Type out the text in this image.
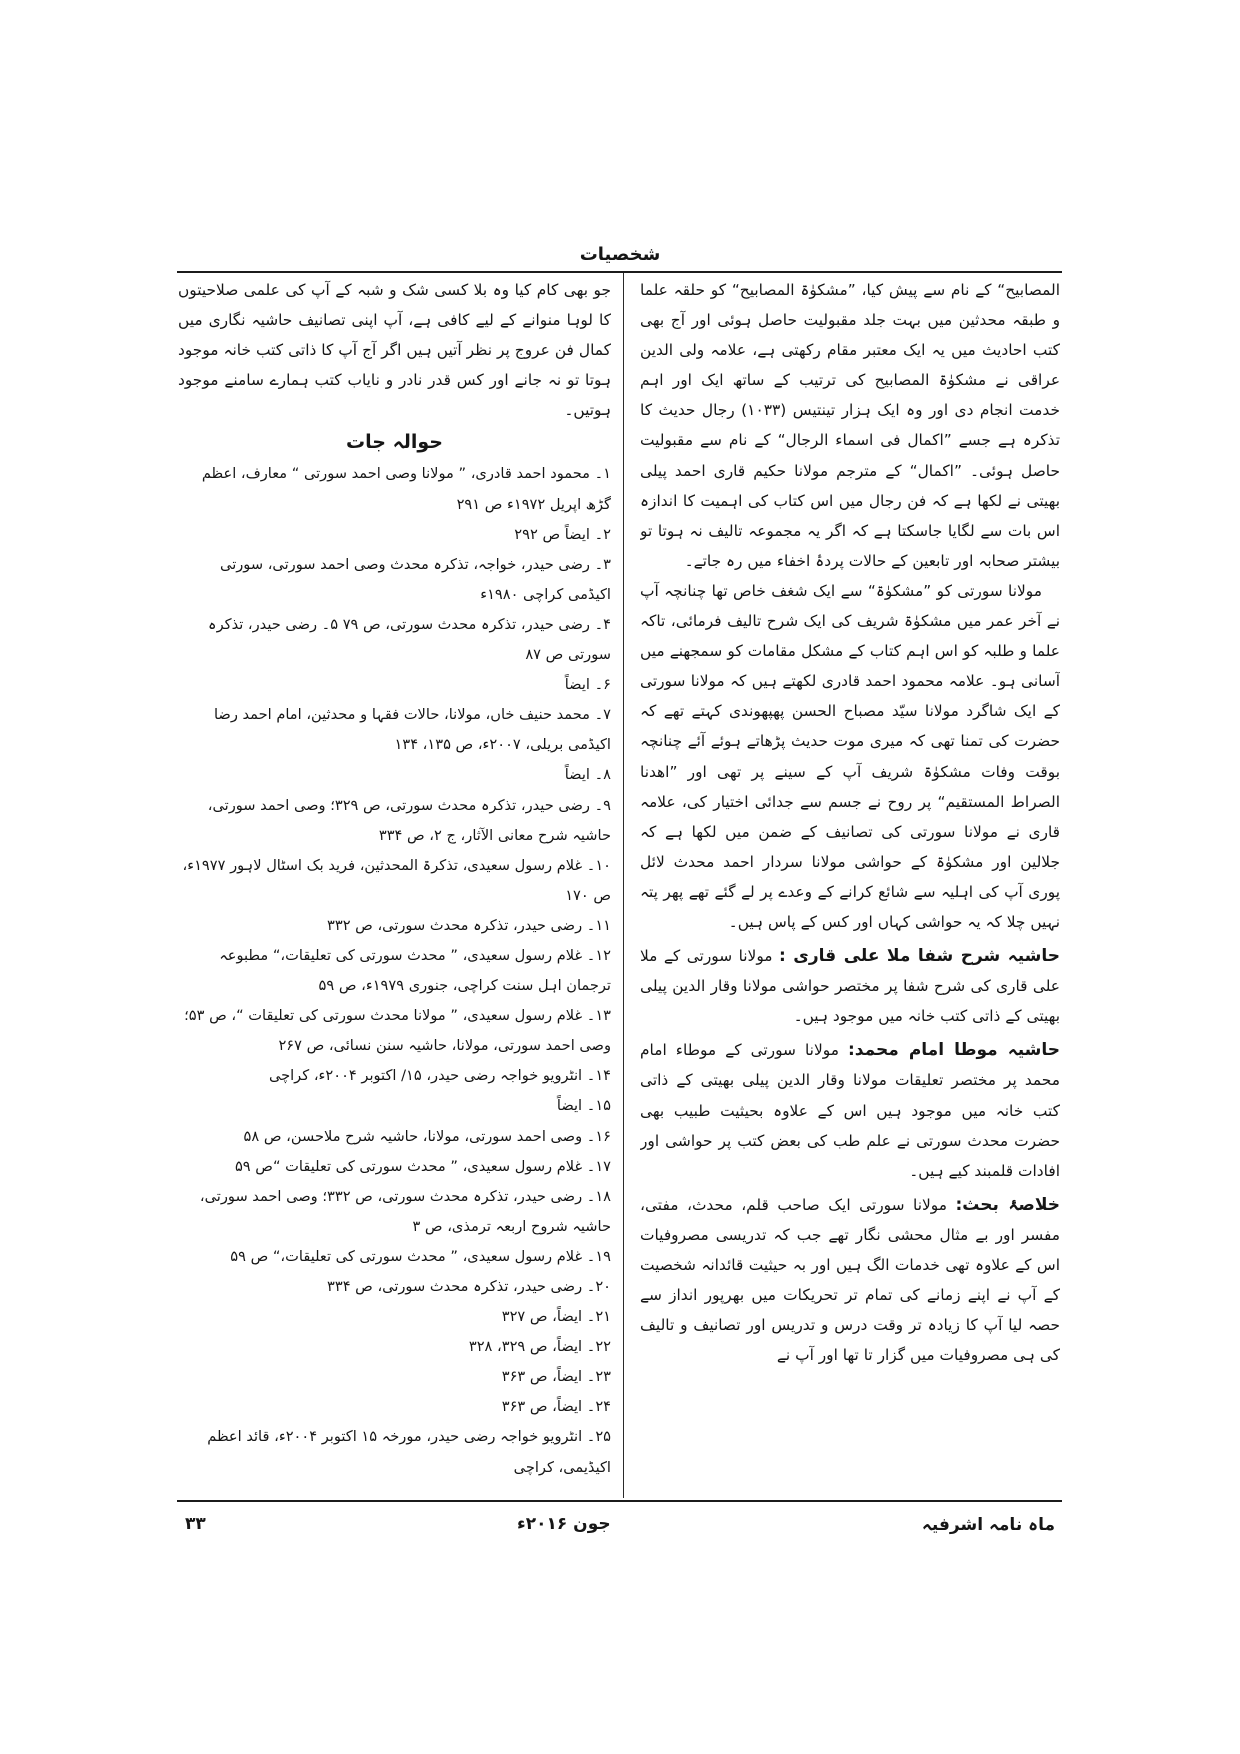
شخصیات

المصابیح“ کے نام سے پیش کیا، ”مشکوٰۃ المصابیح“ کو حلقہ علما و طبقہ محدثین میں بہت جلد مقبولیت حاصل ہوئی اور آج بھی کتب احادیث میں یہ ایک معتبر مقام رکھتی ہے، علامہ ولی الدین عراقی نے مشکوٰۃ المصابیح کی ترتیب کے ساتھ ایک اور اہم خدمت انجام دی اور وہ ایک ہزار تینتیس (۱۰۳۳) رجال حدیث کا تذکرہ ہے جسے ”اکمال فی اسماء الرجال“ کے نام سے مقبولیت حاصل ہوئی۔ ”اکمال“ کے مترجم مولانا حکیم قاری احمد پیلی بھیتی نے لکھا ہے کہ فن رجال میں اس کتاب کی اہمیت کا اندازہ اس بات سے لگایا جاسکتا ہے کہ اگر یہ مجموعہ تالیف نہ ہوتا تو بیشتر صحابہ اور تابعین کے حالات پردۂ اخفاء میں رہ جاتے۔

مولانا سورتی کو ”مشکوٰۃ“ سے ایک شغف خاص تھا چنانچہ آپ نے آخر عمر میں مشکوٰۃ شریف کی ایک شرح تالیف فرمائی، تاکہ علما و طلبہ کو اس اہم کتاب کے مشکل مقامات کو سمجھنے میں آسانی ہو۔ علامہ محمود احمد قادری لکھتے ہیں کہ مولانا سورتی کے ایک شاگرد مولانا سیّد مصباح الحسن پھپھوندی کہتے تھے کہ حضرت کی تمنا تھی کہ میری موت حدیث پڑھاتے ہوئے آئے چنانچہ بوقت وفات مشکوٰۃ شریف آپ کے سینے پر تھی اور ”اھدنا الصراط المستقیم“ پر روح نے جسم سے جدائی اختیار کی، علامہ قاری نے مولانا سورتی کی تصانیف کے ضمن میں لکھا ہے کہ جلالین اور مشکوٰۃ کے حواشی مولانا سردار احمد محدث لائل پوری آپ کی اہلیہ سے شائع کرانے کے وعدے پر لے گئے تھے پھر پتہ نہیں چلا کہ یہ حواشی کہاں اور کس کے پاس ہیں۔

حاشیہ شرح شفا ملا علی قاری : مولانا سورتی کے ملا علی قاری کی شرح شفا پر مختصر حواشی مولانا وقار الدین پیلی بھیتی کے ذاتی کتب خانہ میں موجود ہیں۔

حاشیہ موطا امام محمد: مولانا سورتی کے موطاء امام محمد پر مختصر تعلیقات مولانا وقار الدین پیلی بھیتی کے ذاتی کتب خانہ میں موجود ہیں اس کے علاوہ بحیثیت طبیب بھی حضرت محدث سورتی نے علم طب کی بعض کتب پر حواشی اور افادات قلمبند کیے ہیں۔

خلاصۂ بحث: مولانا سورتی ایک صاحب قلم، محدث، مفتی، مفسر اور بے مثال محشی نگار تھے جب کہ تدریسی مصروفیات اس کے علاوہ تھی خدمات الگ ہیں اور بہ حیثیت قائدانہ شخصیت کے آپ نے اپنے زمانے کی تمام تر تحریکات میں بھرپور انداز سے حصہ لیا آپ کا زیادہ تر وقت درس و تدریس اور تصانیف و تالیف کی ہی مصروفیات میں گزار تا تھا اور آپ نے

جو بھی کام کیا وہ بلا کسی شک و شبہ کے آپ کی علمی صلاحیتوں کا لوہا منوانے کے لیے کافی ہے، آپ اپنی تصانیف حاشیہ نگاری میں کمال فن عروج پر نظر آتیں ہیں اگر آج آپ کا ذاتی کتب خانہ موجود ہوتا تو نہ جانے اور کس قدر نادر و نایاب کتب ہمارے سامنے موجود ہوتیں۔

حوالہ جات
۱۔ محمود احمد قادری، ” مولانا وصی احمد سورتی “ معارف، اعظم گڑھ اپریل ۱۹۷۲ء ص ۲۹۱
۲۔ ایضاً ص ۲۹۲
۳۔ رضی حیدر، خواجہ، تذکرہ محدث وصی احمد سورتی، سورتی اکیڈمی کراچی ۱۹۸۰ء
۴۔ رضی حیدر، تذکرہ محدث سورتی، ص ۷۹ ۵۔ رضی حیدر، تذکرہ سورتی ص ۸۷
۶۔ ایضاً
۷۔ محمد حنیف خاں، مولانا، حالات فقہا و محدثین، امام احمد رضا اکیڈمی بریلی، ۲۰۰۷ء، ص ۱۳۵، ۱۳۴
۸۔ ایضاً
۹۔ رضی حیدر، تذکرہ محدث سورتی، ص ۳۲۹؛ وصی احمد سورتی، حاشیہ شرح معانی الآثار، ج ۲، ص ۳۳۴
۱۰۔ غلام رسول سعیدی، تذکرۃ المحدثین، فرید بک اسٹال لاہور ۱۹۷۷ء، ص ۱۷۰
۱۱۔ رضی حیدر، تذکرہ محدث سورتی، ص ۳۳۲
۱۲۔ غلام رسول سعیدی، ” محدث سورتی کی تعلیقات،“ مطبوعہ ترجمان اہل سنت کراچی، جنوری ۱۹۷۹ء، ص ۵۹
۱۳۔ غلام رسول سعیدی، ” مولانا محدث سورتی کی تعلیقات “، ص ۵۳؛ وصی احمد سورتی، مولانا، حاشیہ سنن نسائی، ص ۲۶۷
۱۴۔ انٹرویو خواجہ رضی حیدر، ۱۵/ اکتوبر ۲۰۰۴ء، کراچی
۱۵۔ ایضاً
۱۶۔ وصی احمد سورتی، مولانا، حاشیہ شرح ملاحسن، ص ۵۸
۱۷۔ غلام رسول سعیدی، ” محدث سورتی کی تعلیقات “ص ۵۹
۱۸۔ رضی حیدر، تذکرہ محدث سورتی، ص ۳۳۲؛ وصی احمد سورتی، حاشیہ شروح اربعہ ترمذی، ص ۳
۱۹۔ غلام رسول سعیدی، ” محدث سورتی کی تعلیقات،“ ص ۵۹
۲۰۔ رضی حیدر، تذکرہ محدث سورتی، ص ۳۳۴
۲۱۔ ایضاً، ص ۳۲۷
۲۲۔ ایضاً، ص ۳۲۹، ۳۲۸
۲۳۔ ایضاً، ص ۳۶۳
۲۴۔ ایضاً، ص ۳۶۳
۲۵۔ انٹرویو خواجہ رضی حیدر، مورخہ ۱۵ اکتوبر ۲۰۰۴ء، قائد اعظم اکیڈیمی، کراچی
ماہ نامہ اشرفیہ
جون ۲۰۱۶ء
۳۳
